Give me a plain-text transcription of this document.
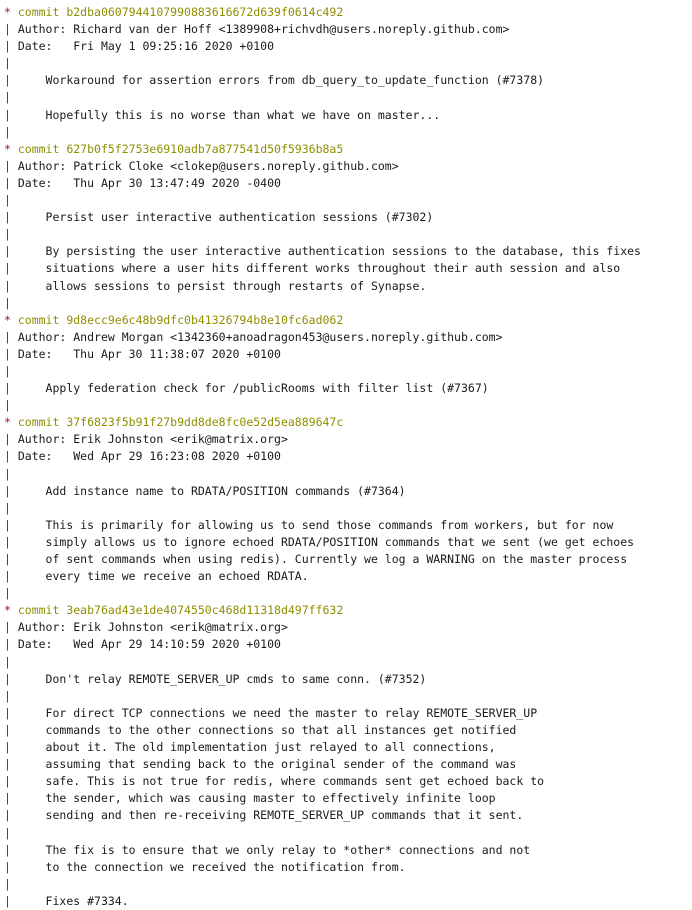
* commit b2dba0607944107990883616672d639f0614c492
| Author: Richard van der Hoff <1389908+richvdh@users.noreply.github.com>
| Date:   Fri May 1 09:25:16 2020 +0100
|
|     Workaround for assertion errors from db_query_to_update_function (#7378)
|
|     Hopefully this is no worse than what we have on master...
|
* commit 627b0f5f2753e6910adb7a877541d50f5936b8a5
| Author: Patrick Cloke <clokep@users.noreply.github.com>
| Date:   Thu Apr 30 13:47:49 2020 -0400
|
|     Persist user interactive authentication sessions (#7302)
|
|     By persisting the user interactive authentication sessions to the database, this fixes
|     situations where a user hits different works throughout their auth session and also
|     allows sessions to persist through restarts of Synapse.
|
* commit 9d8ecc9e6c48b9dfc0b41326794b8e10fc6ad062
| Author: Andrew Morgan <1342360+anoadragon453@users.noreply.github.com>
| Date:   Thu Apr 30 11:38:07 2020 +0100
|
|     Apply federation check for /publicRooms with filter list (#7367)
|
* commit 37f6823f5b91f27b9dd8de8fc0e52d5ea889647c
| Author: Erik Johnston <erik@matrix.org>
| Date:   Wed Apr 29 16:23:08 2020 +0100
|
|     Add instance name to RDATA/POSITION commands (#7364)
|
|     This is primarily for allowing us to send those commands from workers, but for now
|     simply allows us to ignore echoed RDATA/POSITION commands that we sent (we get echoes
|     of sent commands when using redis). Currently we log a WARNING on the master process
|     every time we receive an echoed RDATA.
|
* commit 3eab76ad43e1de4074550c468d11318d497ff632
| Author: Erik Johnston <erik@matrix.org>
| Date:   Wed Apr 29 14:10:59 2020 +0100
|
|     Don't relay REMOTE_SERVER_UP cmds to same conn. (#7352)
|
|     For direct TCP connections we need the master to relay REMOTE_SERVER_UP
|     commands to the other connections so that all instances get notified
|     about it. The old implementation just relayed to all connections,
|     assuming that sending back to the original sender of the command was
|     safe. This is not true for redis, where commands sent get echoed back to
|     the sender, which was causing master to effectively infinite loop
|     sending and then re-receiving REMOTE_SERVER_UP commands that it sent.
|
|     The fix is to ensure that we only relay to *other* connections and not
|     to the connection we received the notification from.
|
|     Fixes #7334.
